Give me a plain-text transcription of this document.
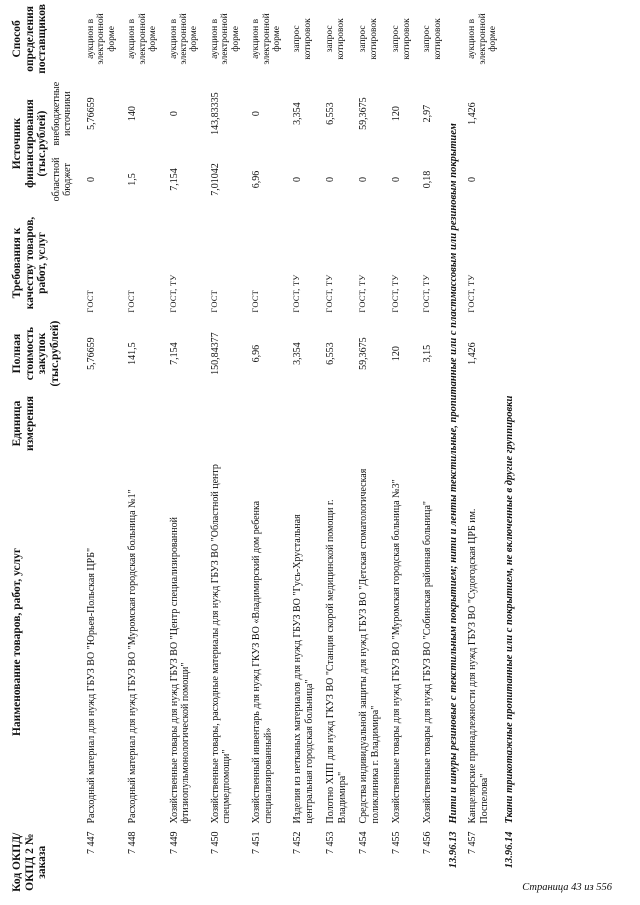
Код ОКПД/ ОКПД 2 № заказа	Наименование товаров, работ, услуг	Единица измерения	Полная стоимость закупок (тыс.рублей)	Требования к качеству товаров, работ, услуг	Источник финансирования (тыс.рублей)		Способ определения поставщиков
					областной бюджет	внебюджетные источники	

7 447	Расходный материал для нужд ГБУЗ ВО "Юрьев-Польская ЦРБ"		5,76659	ГОСТ	0	5,76659	аукцион в электронной форме
7 448	Расходный материал для нужд ГБУЗ ВО "Муромская городская больница №1"		141,5	ГОСТ	1,5	140	аукцион в электронной форме
7 449	Хозяйственные товары для нужд ГБУЗ ВО "Центр специализированной фтизиопульмонологической помощи"		7,154	ГОСТ, ТУ	7,154	0	аукцион в электронной форме
7 450	Хозяйственные товары, расходные материалы для нужд ГБУЗ ВО "Областной центр спецмедпомощи"		150,84377	ГОСТ	7,01042	143,83335	аукцион в электронной форме
7 451	Хозяйственный инвентарь для нужд ГКУЗ ВО «Владимирский дом ребенка специализированный»		6,96	ГОСТ	6,96	0	аукцион в электронной форме
7 452	Изделия из нетканых материалов для нужд ГБУЗ ВО "Гусь-Хрустальная центральная городская больница"		3,354	ГОСТ, ТУ	0	3,354	запрос котировок
7 453	Полотно ХПП для нужд ГКУЗ ВО "Станция скорой медицинской помощи г. Владимира"		6,553	ГОСТ, ТУ	0	6,553	запрос котировок
7 454	Средства индивидуальной защиты для нужд ГБУЗ ВО "Детская стоматологическая поликлиника г. Владимира"		59,3675	ГОСТ, ТУ	0	59,3675	запрос котировок
7 455	Хозяйственные товары для нужд ГБУЗ ВО "Муромская городская больница №3"		120	ГОСТ, ТУ	0	120	запрос котировок
7 456	Хозяйственные товары для нужд ГБУЗ ВО "Собинская районная больница"		3,15	ГОСТ, ТУ	0,18	2,97	запрос котировок
13.96.13	Нити и шнуры резиновые с текстильным покрытием; нити и ленты текстильные, пропитанные или с пластмассовым или резиновым покрытием						
7 457	Канцелярские принадлежности для нужд ГБУЗ ВО "Судогодская ЦРБ им. Поспелова"		1,426	ГОСТ, ТУ	0	1,426	аукцион в электронной форме
13.96.14	Ткани трикотажные пропитанные или с покрытием, не включенные в другие группировки						
Страница 43 из 556
